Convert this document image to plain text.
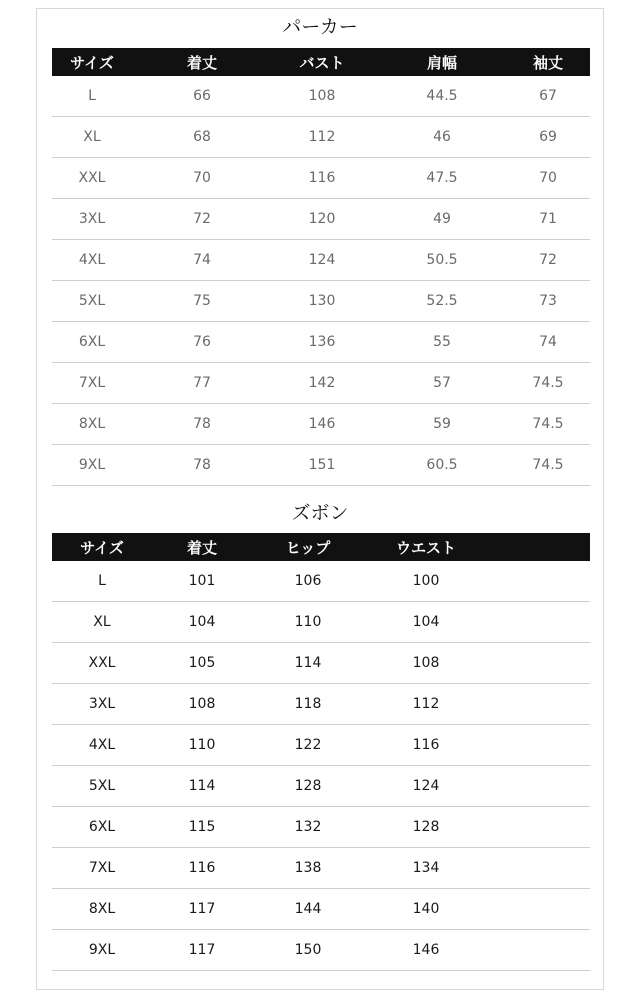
パーカー
サイズ	着丈	バスト	肩幅	袖丈
L	66	108	44.5	67
XL	68	112	46	69
XXL	70	116	47.5	70
3XL	72	120	49	71
4XL	74	124	50.5	72
5XL	75	130	52.5	73
6XL	76	136	55	74
7XL	77	142	57	74.5
8XL	78	146	59	74.5
9XL	78	151	60.5	74.5
ズボン
サイズ	着丈	ヒップ	ウエスト
L	101	106	100
XL	104	110	104
XXL	105	114	108
3XL	108	118	112
4XL	110	122	116
5XL	114	128	124
6XL	115	132	128
7XL	116	138	134
8XL	117	144	140
9XL	117	150	146
